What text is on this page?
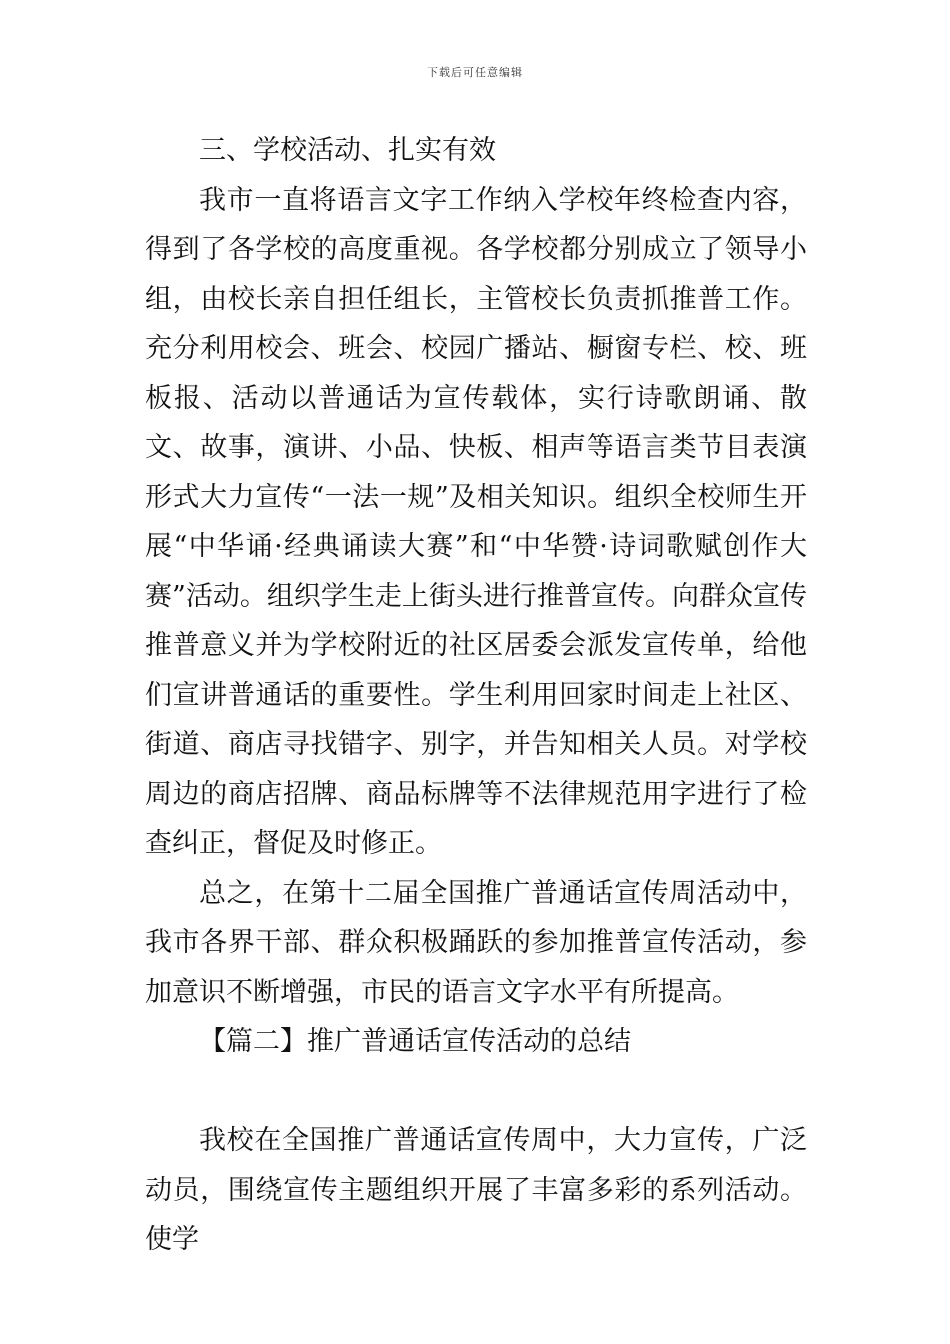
下载后可任意编辑

三、学校活动、扎实有效

我市一直将语言文字工作纳入学校年终检查内容，得到了各学校的高度重视。各学校都分别成立了领导小组，由校长亲自担任组长，主管校长负责抓推普工作。充分利用校会、班会、校园广播站、橱窗专栏、校、班板报、活动以普通话为宣传载体，实行诗歌朗诵、散文、故事，演讲、小品、快板、相声等语言类节目表演形式大力宣传“一法一规”及相关知识。组织全校师生开展“中华诵·经典诵读大赛”和“中华赞·诗词歌赋创作大赛”活动。组织学生走上街头进行推普宣传。向群众宣传推普意义并为学校附近的社区居委会派发宣传单，给他们宣讲普通话的重要性。学生利用回家时间走上社区、街道、商店寻找错字、别字，并告知相关人员。对学校周边的商店招牌、商品标牌等不法律规范用字进行了检查纠正，督促及时修正。

总之，在第十二届全国推广普通话宣传周活动中，我市各界干部、群众积极踊跃的参加推普宣传活动，参加意识不断增强，市民的语言文字水平有所提高。

【篇二】推广普通话宣传活动的总结

我校在全国推广普通话宣传周中，大力宣传，广泛动员，围绕宣传主题组织开展了丰富多彩的系列活动。使学
